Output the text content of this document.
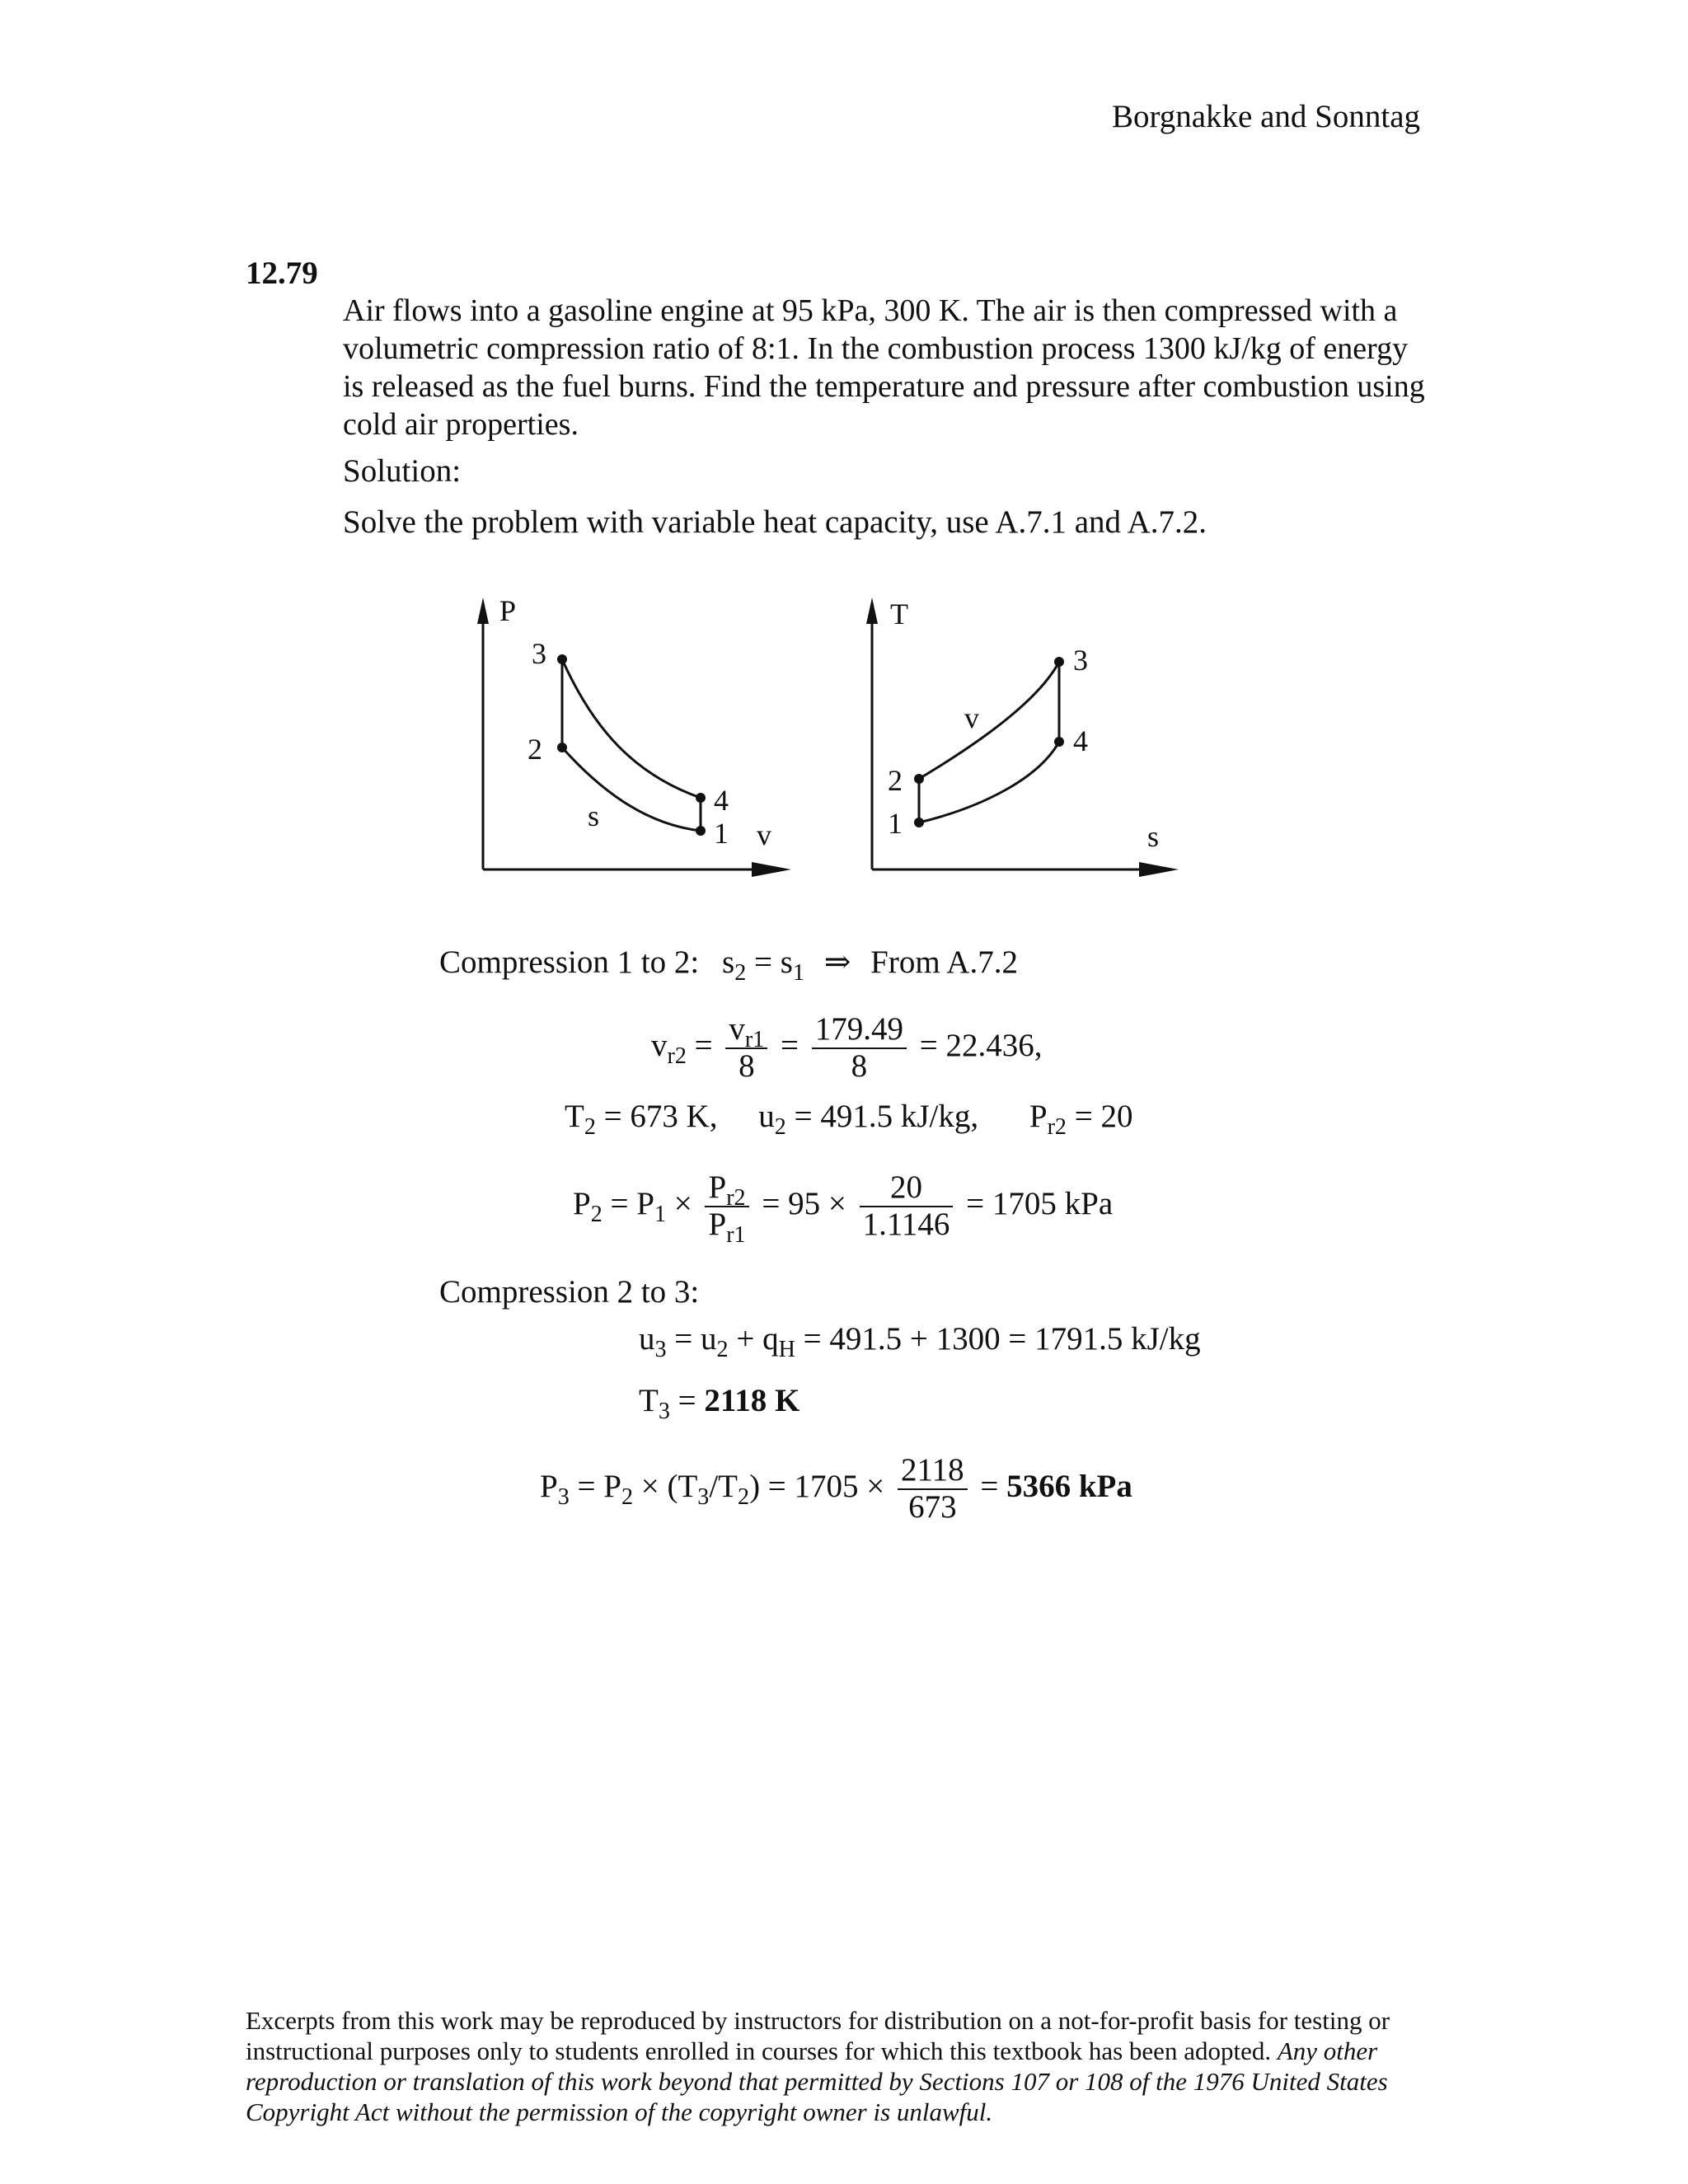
Borgnakke and Sonntag
12.79
Air flows into a gasoline engine at 95 kPa, 300 K. The air is then compressed with a volumetric compression ratio of 8:1. In the combustion process 1300 kJ/kg of energy is released as the fuel burns. Find the temperature and pressure after combustion using cold air properties.
Solution:
Solve the problem with variable heat capacity, use A.7.1 and A.7.2.
P
3
2
4
1
s
v
T
3
4
2
1
v
s
Compression 1 to 2: $s_2 = s_1$ ⇒ From A.7.2
$v_{r2} = \frac{v_{r1}}{8} = \frac{179.49}{8} = 22.436$,
$T_2 = 673$ K, $u_2 = 491.5$ kJ/kg, $P_{r2} = 20$
$P_2 = P_1 \times \frac{P_{r2}}{P_{r1}} = 95 \times \frac{20}{1.1146} = 1705$ kPa
Compression 2 to 3:
$u_3 = u_2 + q_H = 491.5 + 1300 = 1791.5$ kJ/kg
$T_3 = 2118$ K
$P_3 = P_2 \times (T_3/T_2) = 1705 \times \frac{2118}{673} = 5366$ kPa
Excerpts from this work may be reproduced by instructors for distribution on a not-for-profit basis for testing or instructional purposes only to students enrolled in courses for which this textbook has been adopted. Any other reproduction or translation of this work beyond that permitted by Sections 107 or 108 of the 1976 United States Copyright Act without the permission of the copyright owner is unlawful.
